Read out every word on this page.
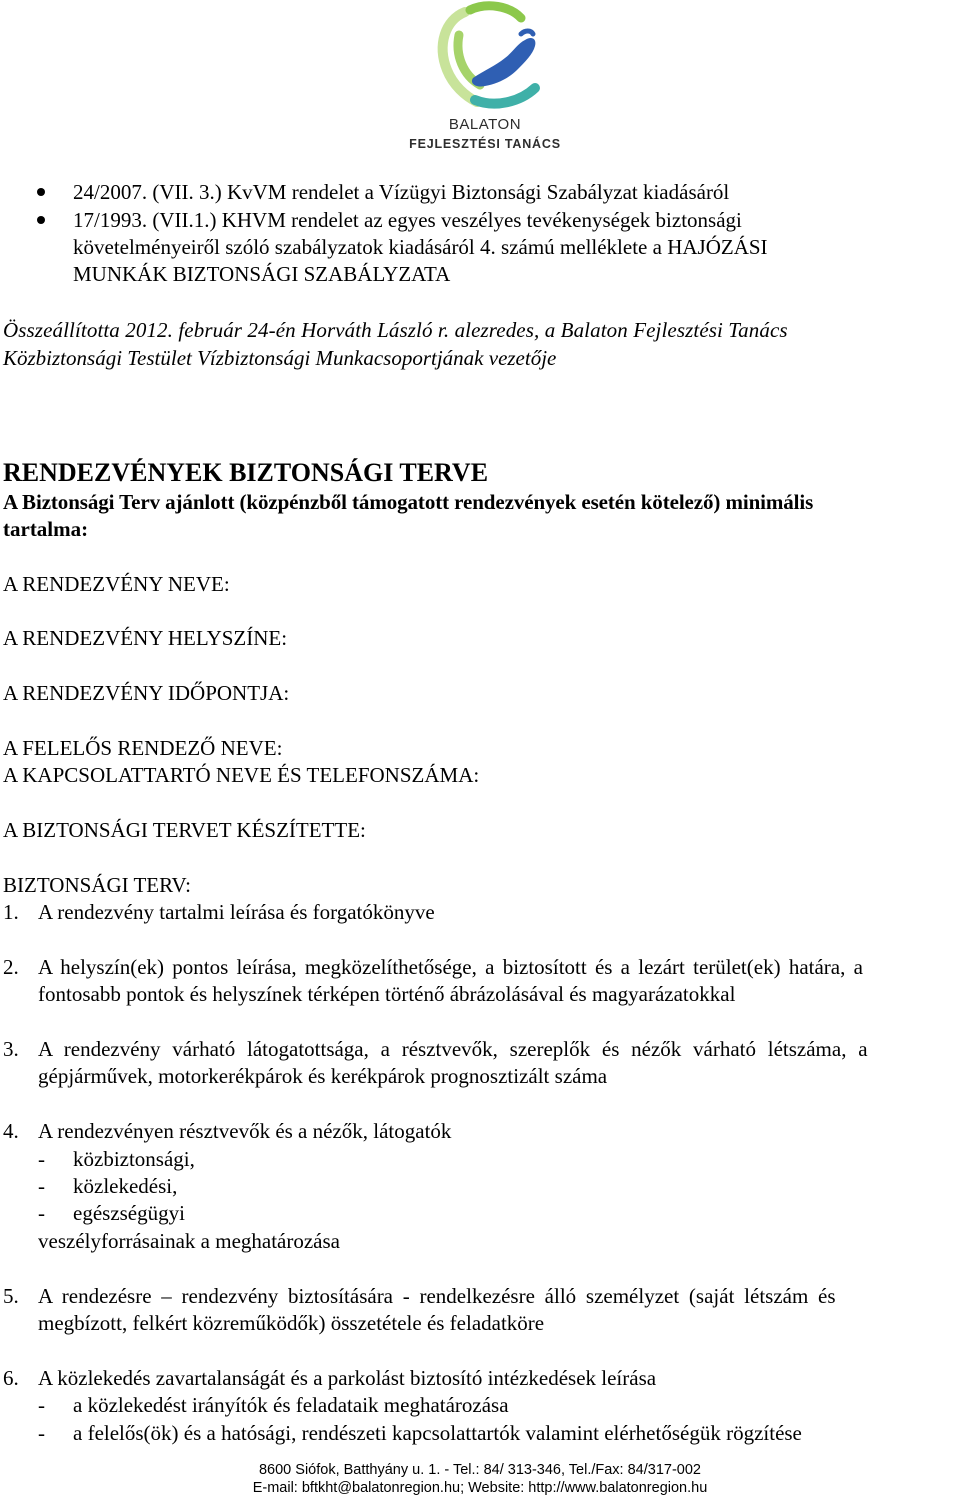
BALATON
FEJLESZTÉSI TANÁCS
24/2007. (VII. 3.) KvVM rendelet a Vízügyi Biztonsági Szabályzat kiadásáról
17/1993. (VII.1.) KHVM rendelet az egyes veszélyes tevékenységek biztonsági
követelményeiről szóló szabályzatok kiadásáról 4. számú melléklete a HAJÓZÁSI
MUNKÁK BIZTONSÁGI SZABÁLYZATA
Összeállította 2012. február 24-én Horváth László r. alezredes, a Balaton Fejlesztési Tanács
Közbiztonsági Testület Vízbiztonsági Munkacsoportjának vezetője
RENDEZVÉNYEK BIZTONSÁGI TERVE
A Biztonsági Terv ajánlott (közpénzből támogatott rendezvények esetén kötelező) minimális
tartalma:
A RENDEZVÉNY NEVE:
A RENDEZVÉNY HELYSZÍNE:
A RENDEZVÉNY IDŐPONTJA:
A FELELŐS RENDEZŐ NEVE:
A KAPCSOLATTARTÓ NEVE ÉS TELEFONSZÁMA:
A BIZTONSÁGI TERVET KÉSZÍTETTE:
BIZTONSÁGI TERV:
1. A rendezvény tartalmi leírása és forgatókönyve
2. A helyszín(ek) pontos leírása, megközelíthetősége, a biztosított és a lezárt terület(ek) határa, a
fontosabb pontok és helyszínek térképen történő ábrázolásával és magyarázatokkal
3. A rendezvény várható látogatottsága, a résztvevők, szereplők és nézők várható létszáma, a
gépjárművek, motorkerékpárok és kerékpárok prognosztizált száma
4. A rendezvényen résztvevők és a nézők, látogatók
- közbiztonsági,
- közlekedési,
- egészségügyi
veszélyforrásainak a meghatározása
5. A rendezésre – rendezvény biztosítására - rendelkezésre álló személyzet (saját létszám és
megbízott, felkért közreműködők) összetétele és feladatköre
6. A közlekedés zavartalanságát és a parkolást biztosító intézkedések leírása
- a közlekedést irányítók és feladataik meghatározása
- a felelős(ök) és a hatósági, rendészeti kapcsolattartók valamint elérhetőségük rögzítése
8600 Siófok, Batthyány u. 1. - Tel.: 84/ 313-346, Tel./Fax: 84/317-002
E-mail: bftkht@balatonregion.hu; Website: http://www.balatonregion.hu
